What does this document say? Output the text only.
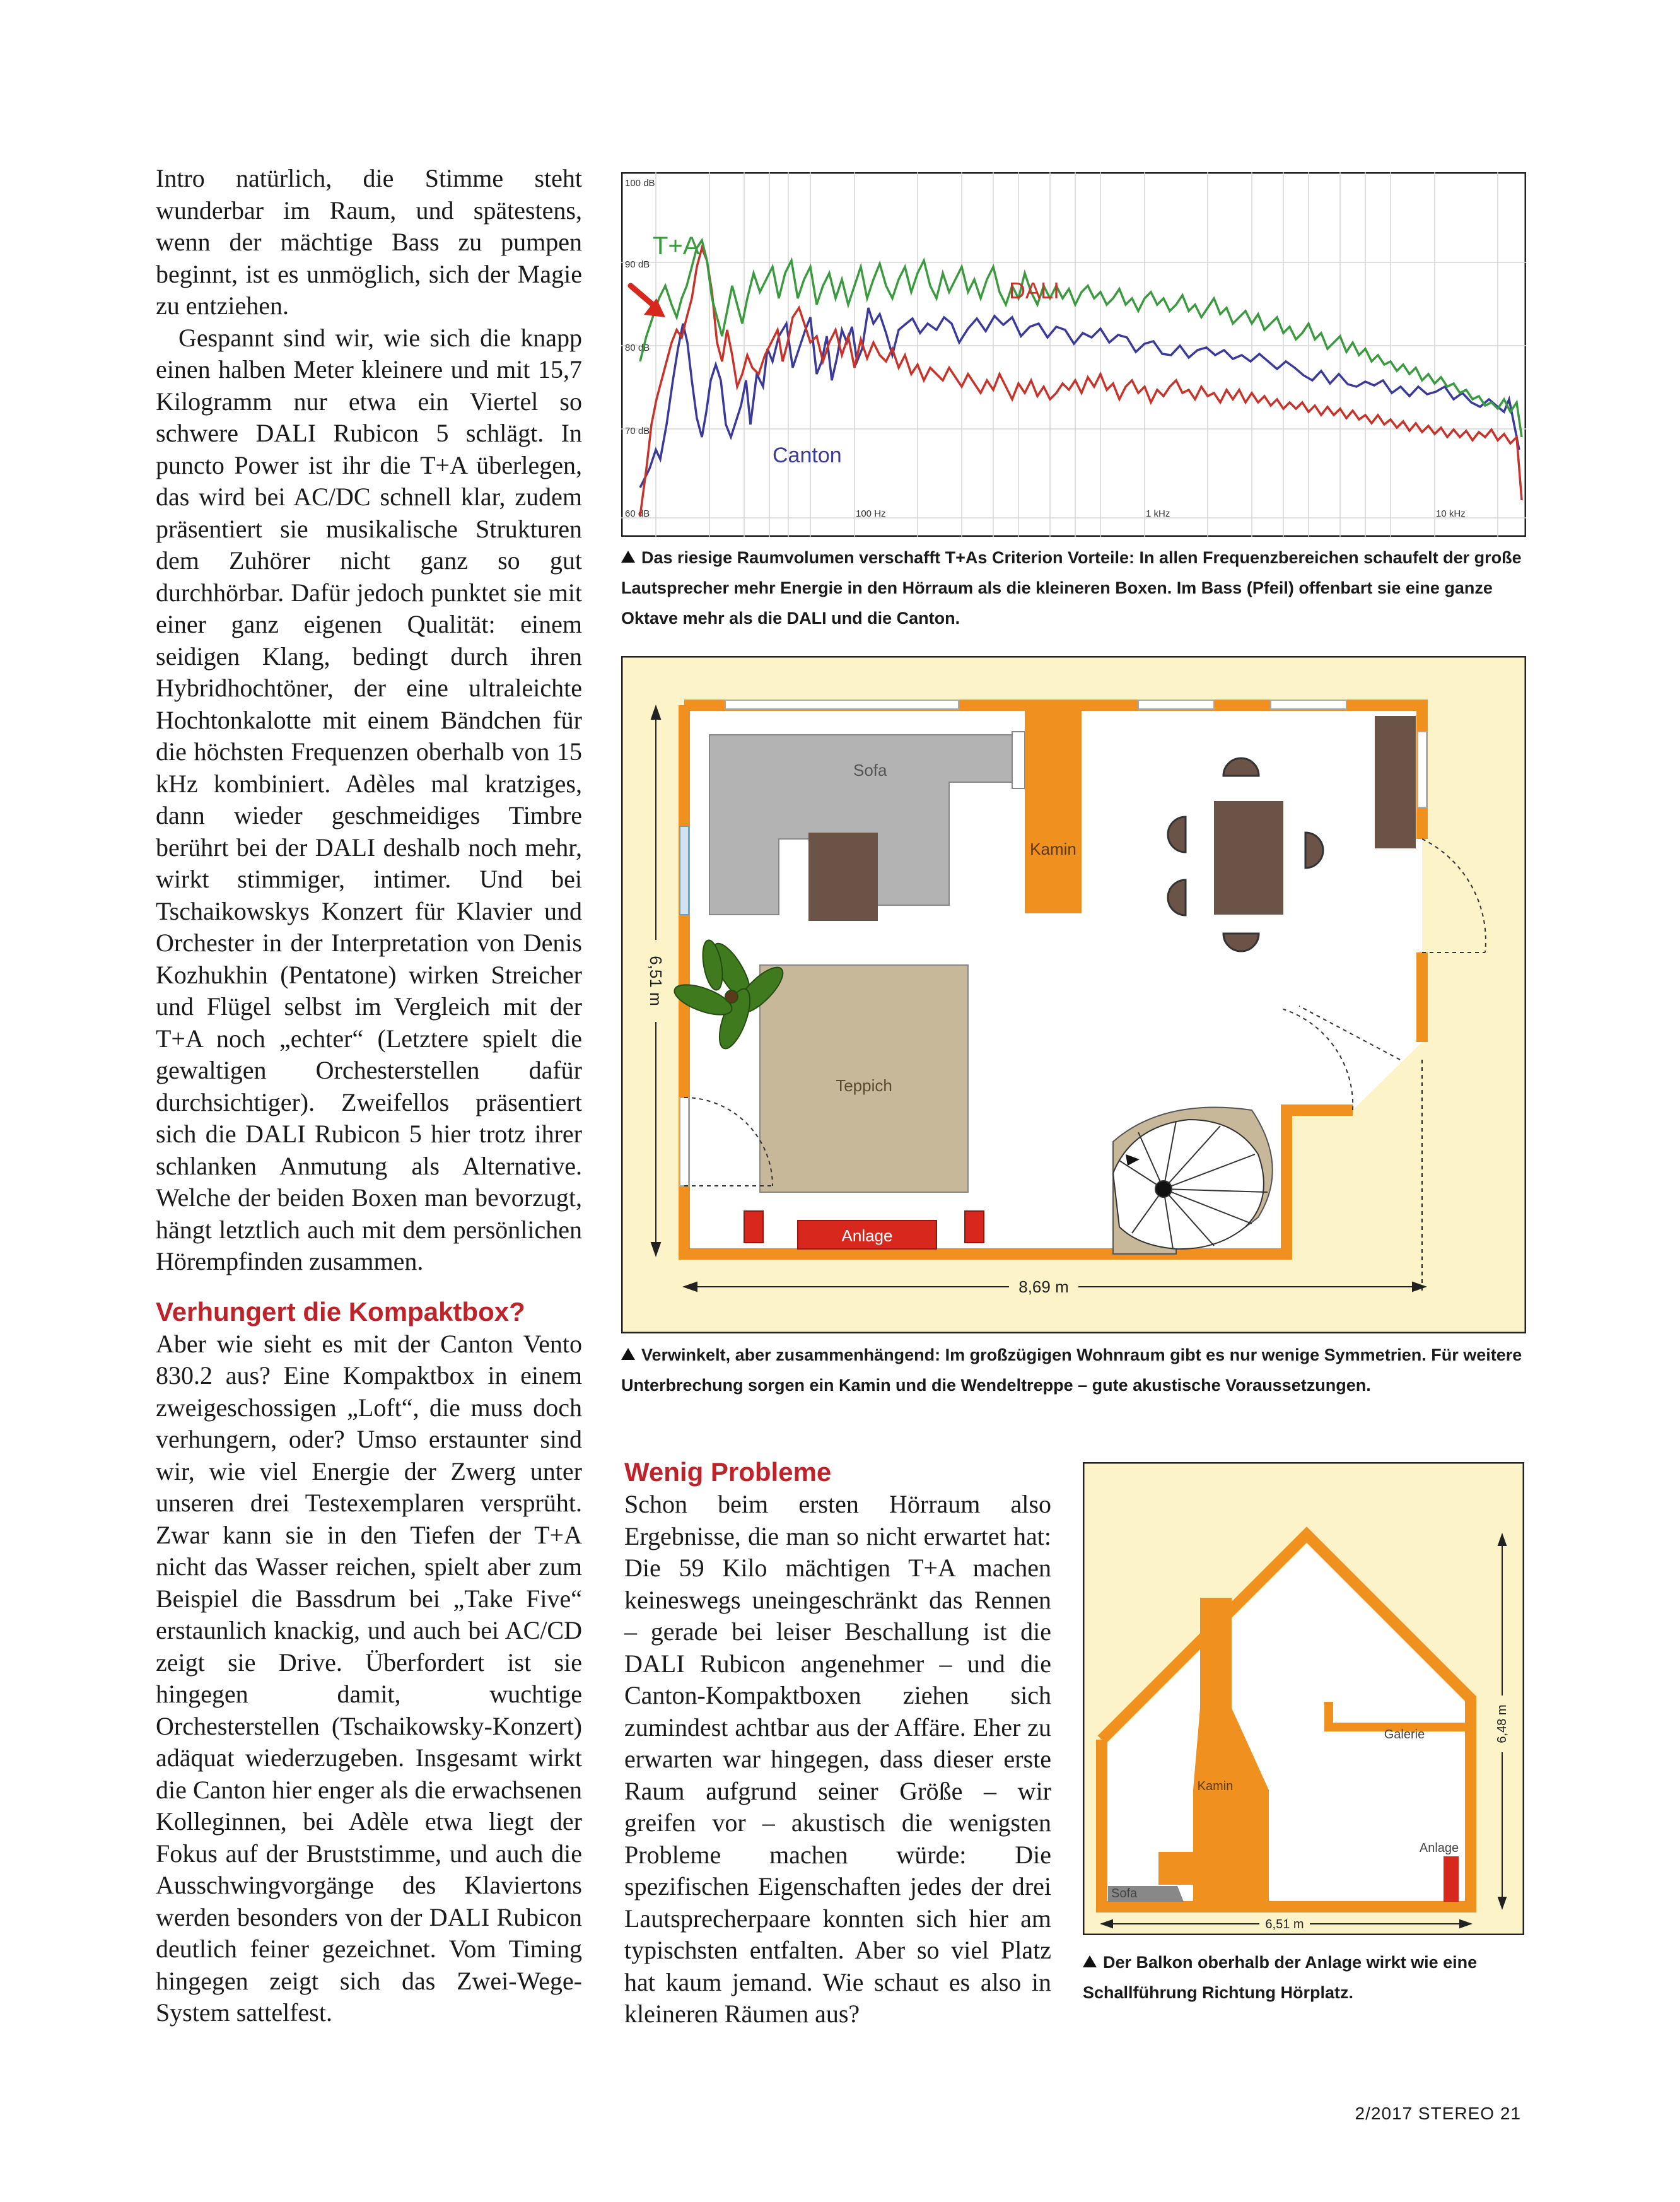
Intro natürlich, die Stimme steht wunderbar im Raum, und spätestens, wenn der mächtige Bass zu pumpen beginnt, ist es unmöglich, sich der Magie zu entziehen.

Gespannt sind wir, wie sich die knapp einen halben Meter kleinere und mit 15,7 Kilogramm nur etwa ein Viertel so schwere DALI Rubicon 5 schlägt. In puncto Power ist ihr die T+A überlegen, das wird bei AC/DC schnell klar, zudem präsentiert sie musikalische Strukturen dem Zuhörer nicht ganz so gut durchhörbar. Dafür jedoch punktet sie mit einer ganz eigenen Qualität: einem seidigen Klang, bedingt durch ihren Hybridhochtöner, der eine ultraleichte Hochtonkalotte mit einem Bändchen für die höchsten Frequenzen oberhalb von 15 kHz kombiniert. Adèles mal kratziges, dann wieder geschmeidiges Timbre berührt bei der DALI deshalb noch mehr, wirkt stimmiger, intimer. Und bei Tschaikowskys Konzert für Klavier und Orchester in der Interpretation von Denis Kozhukhin (Pentatone) wirken Streicher und Flügel selbst im Vergleich mit der T+A noch „echter“ (Letztere spielt die gewaltigen Orchesterstellen dafür durchsichtiger). Zweifellos präsentiert sich die DALI Rubicon 5 hier trotz ihrer schlanken Anmutung als Alternative. Welche der beiden Boxen man bevorzugt, hängt letztlich auch mit dem persönlichen Hörempfinden zusammen.

Verhungert die Kompaktbox?

Aber wie sieht es mit der Canton Vento 830.2 aus? Eine Kompaktbox in einem zweigeschossigen „Loft“, die muss doch verhungern, oder? Umso erstaunter sind wir, wie viel Energie der Zwerg unter unseren drei Testexemplaren versprüht. Zwar kann sie in den Tiefen der T+A nicht das Wasser reichen, spielt aber zum Beispiel die Bassdrum bei „Take Five“ erstaunlich knackig, und auch bei AC/CD zeigt sie Drive. Überfordert ist sie hingegen damit, wuchtige Orchesterstellen (Tschaikowsky-Konzert) adäquat wiederzugeben. Insgesamt wirkt die Canton hier enger als die erwachsenen Kolleginnen, bei Adèle etwa liegt der Fokus auf der Bruststimme, und auch die Ausschwingvorgänge des Klaviertons werden besonders von der DALI Rubicon deutlich feiner gezeichnet. Vom Timing hingegen zeigt sich das Zwei-Wege-System sattelfest.

Wenig Probleme

Schon beim ersten Hörraum also Ergebnisse, die man so nicht erwartet hat: Die 59 Kilo mächtigen T+A machen keineswegs uneingeschränkt das Rennen – gerade bei leiser Beschallung ist die DALI Rubicon angenehmer – und die Canton-Kompaktboxen ziehen sich zumindest achtbar aus der Affäre. Eher zu erwarten war hingegen, dass dieser erste Raum aufgrund seiner Größe – wir greifen vor – akustisch die wenigsten Probleme machen würde: Die spezifischen Eigenschaften jedes der drei Lautsprecherpaare konnten sich hier am typischsten entfalten. Aber so viel Platz hat kaum jemand. Wie schaut es also in kleineren Räumen aus?

100 dB
90 dB
80 dB
70 dB
60 dB	100 Hz	1 kHz	10 kHz
T+A
DALI
Canton
Das riesige Raumvolumen verschafft T+As Criterion Vorteile: In allen Frequenzbereichen schaufelt der große Lautsprecher mehr Energie in den Hörraum als die kleineren Boxen. Im Bass (Pfeil) offenbart sie eine ganze Oktave mehr als die DALI und die Canton.
Sofa
Kamin
Teppich
Anlage
6,51 m
8,69 m
Verwinkelt, aber zusammenhängend: Im großzügigen Wohnraum gibt es nur wenige Symmetrien. Für weitere Unterbrechung sorgen ein Kamin und die Wendeltreppe – gute akustische Voraussetzungen.
Kamin
Galerie
Anlage
Sofa
6,48 m
6,51 m
Der Balkon oberhalb der Anlage wirkt wie eine Schallführung Richtung Hörplatz.
2/2017 STEREO 21
